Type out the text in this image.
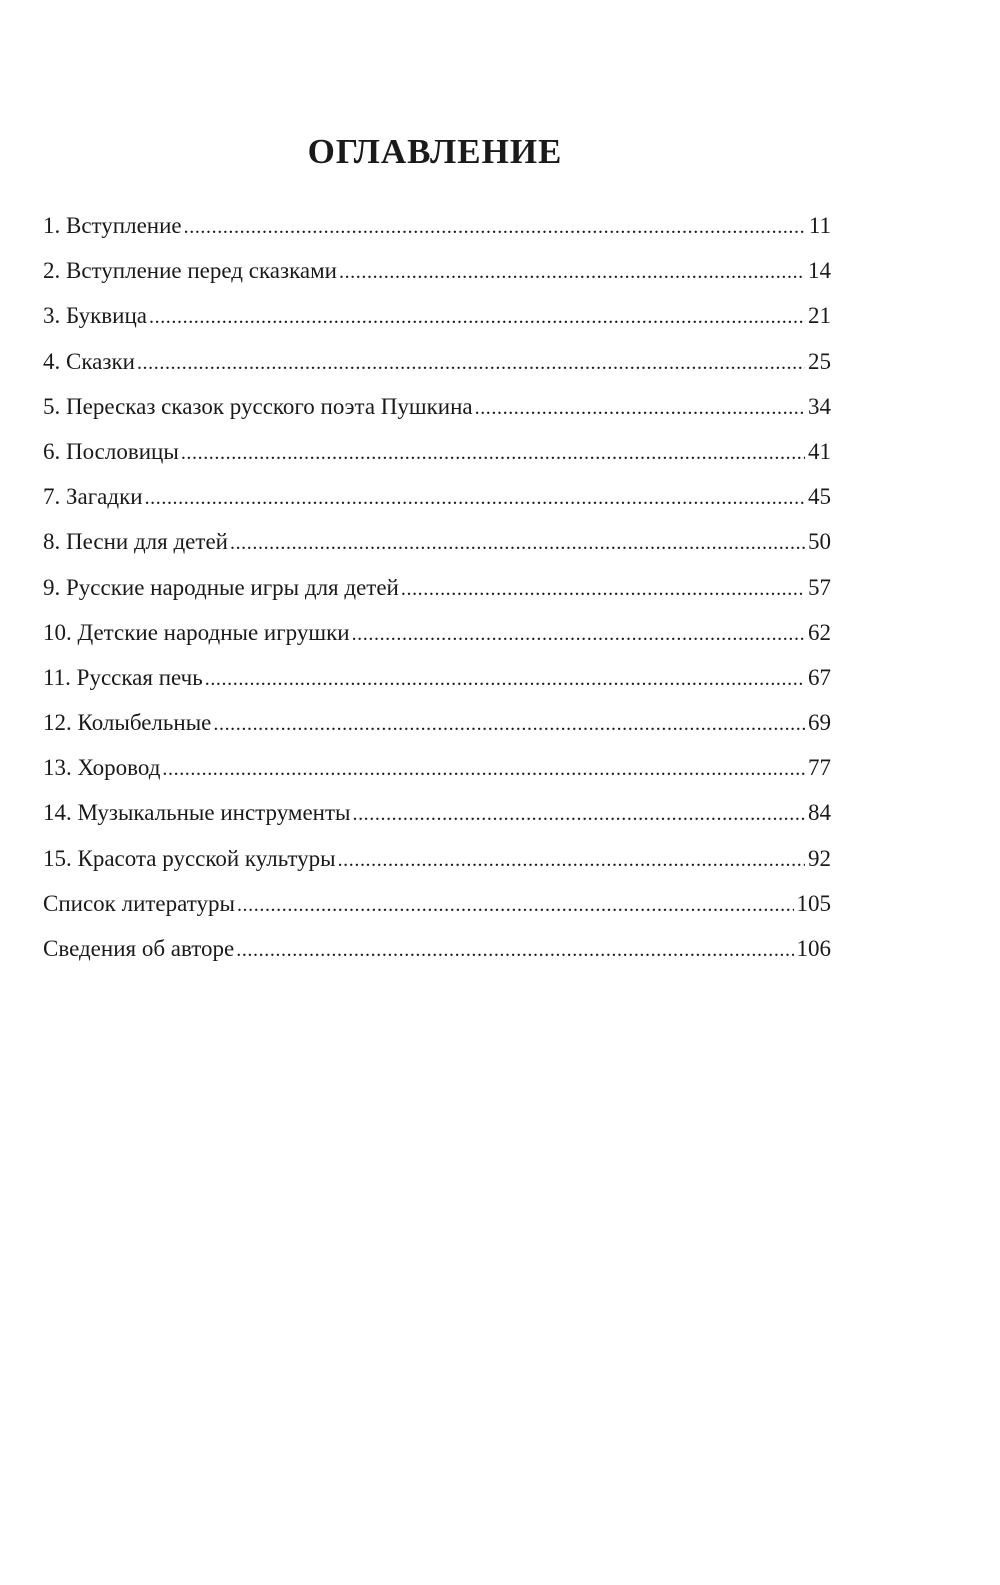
ОГЛАВЛЕНИЕ
1. Вступление .....	11
2. Вступление перед сказками .....	14
3. Буквица .....	21
4. Сказки .....	25
5. Пересказ сказок русского поэта Пушкина .....	34
6. Пословицы .....	41
7. Загадки .....	45
8. Песни для детей .....	50
9. Русские народные игры для детей .....	57
10. Детские народные игрушки .....	62
11. Русская печь .....	67
12. Колыбельные .....	69
13. Хоровод .....	77
14. Музыкальные инструменты .....	84
15. Красота русской культуры .....	92
Список литературы .....	105
Сведения об авторе .....	106
